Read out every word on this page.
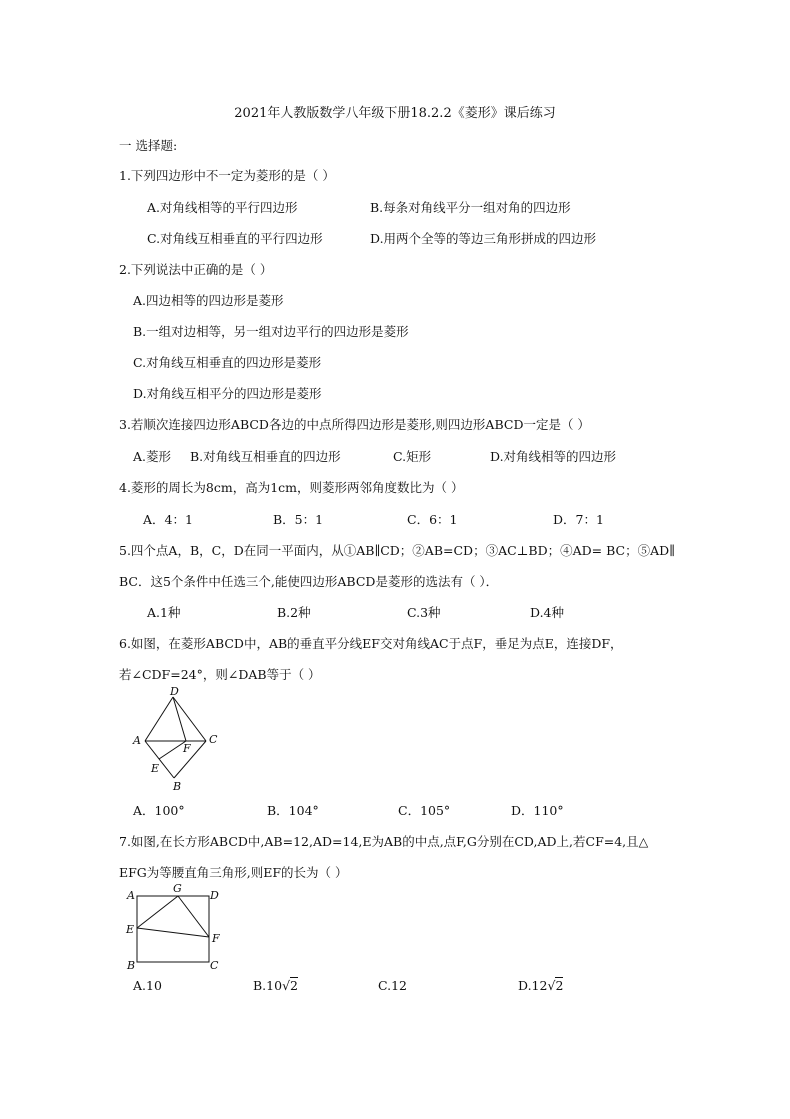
2021年人教版数学八年级下册18.2.2《菱形》课后练习
一 选择题:
1.下列四边形中不一定为菱形的是（ ）
A.对角线相等的平行四边形	B.每条对角线平分一组对角的四边形
C.对角线互相垂直的平行四边形	D.用两个全等的等边三角形拼成的四边形
2.下列说法中正确的是（ ）
A.四边相等的四边形是菱形
B.一组对边相等，另一组对边平行的四边形是菱形
C.对角线互相垂直的四边形是菱形
D.对角线互相平分的四边形是菱形
3.若顺次连接四边形ABCD各边的中点所得四边形是菱形,则四边形ABCD一定是（ ）
A.菱形 B.对角线互相垂直的四边形	C.矩形	D.对角线相等的四边形
4.菱形的周长为8cm，高为1cm，则菱形两邻角度数比为（ ）
A．4：1	B．5：1	C．6：1	D．7：1
5.四个点A，B，C，D在同一平面内，从①AB∥CD；②AB=CD；③AC⊥BD；④AD= BC；⑤AD∥
BC．这5个条件中任选三个,能使四边形ABCD是菱形的选法有（ ）．
A.1种	B.2种	C.3种	D.4种
6.如图，在菱形ABCD中，AB的垂直平分线EF交对角线AC于点F，垂足为点E，连接DF，
若∠CDF=24°，则∠DAB等于（ ）
D
A	C
F
E
B
A．100°	B．104°	C．105°	D．110°
7.如图,在长方形ABCD中,AB=12,AD=14,E为AB的中点,点F,G分别在CD,AD上,若CF=4,且△
EFG为等腰直角三角形,则EF的长为（ ）
A
G
D
E
F
B	C
A.10	B.10√2	C.12	D.12√2
